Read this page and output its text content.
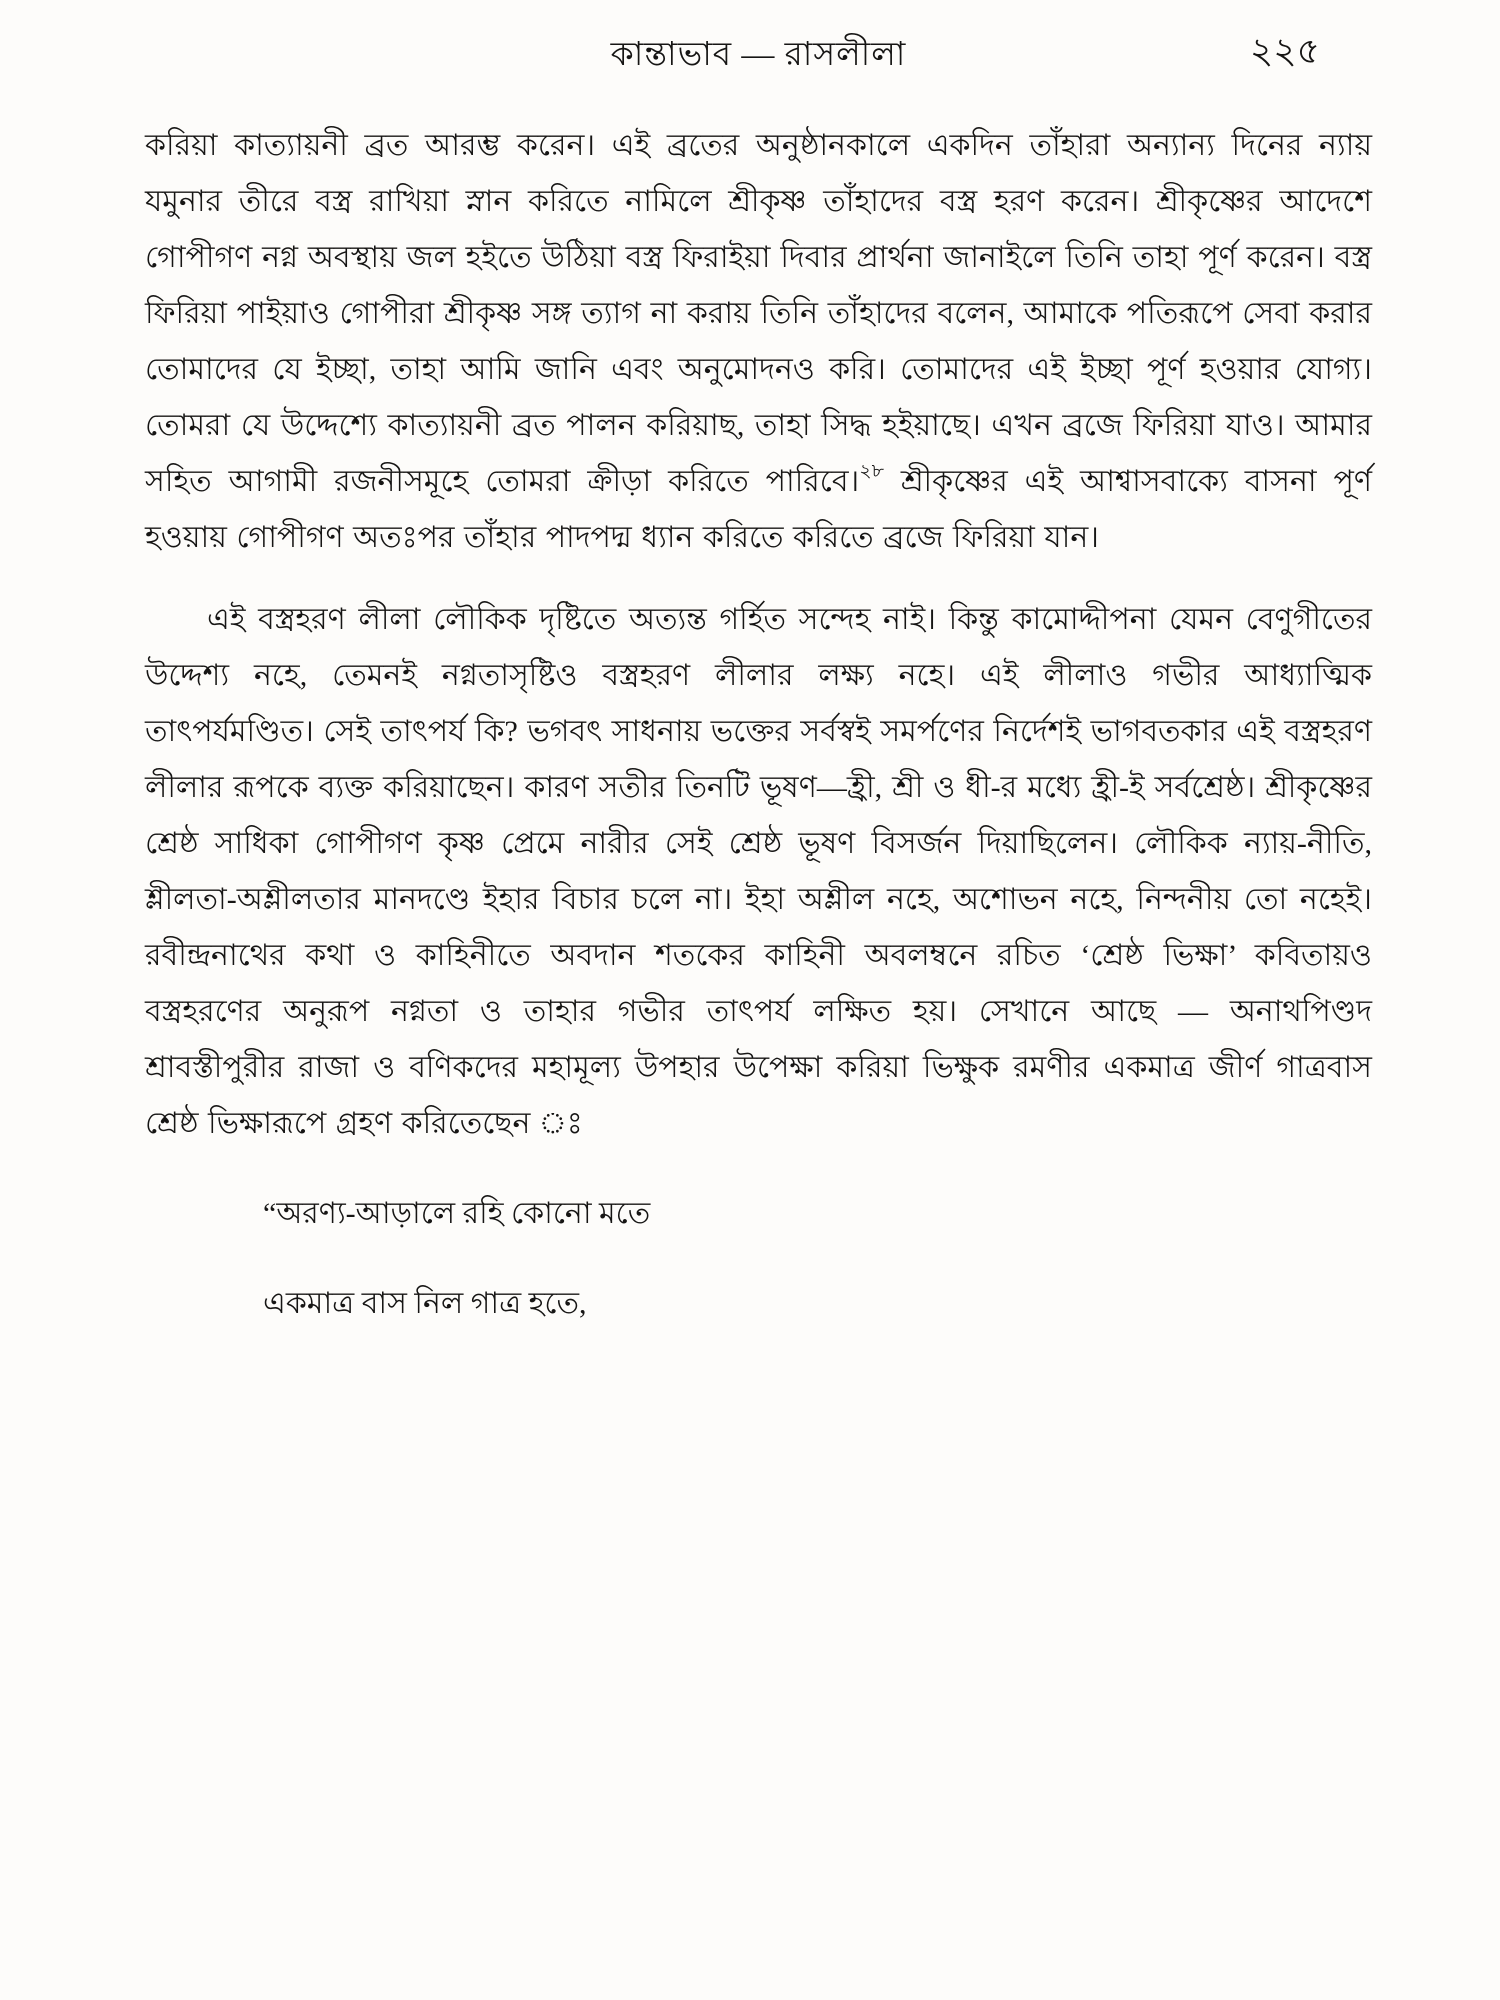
কান্তাভাব — রাসলীলা	২২৫

করিয়া কাত্যায়নী ব্রত আরম্ভ করেন। এই ব্রতের অনুষ্ঠানকালে একদিন তাঁহারা অন্যান্য দিনের ন্যায় যমুনার তীরে বস্ত্র রাখিয়া স্নান করিতে নামিলে শ্রীকৃষ্ণ তাঁহাদের বস্ত্র হরণ করেন। শ্রীকৃষ্ণের আদেশে গোপীগণ নগ্ন অবস্থায় জল হইতে উঠিয়া বস্ত্র ফিরাইয়া দিবার প্রার্থনা জানাইলে তিনি তাহা পূর্ণ করেন। বস্ত্র ফিরিয়া পাইয়াও গোপীরা শ্রীকৃষ্ণ সঙ্গ ত্যাগ না করায় তিনি তাঁহাদের বলেন, আমাকে পতিরূপে সেবা করার তোমাদের যে ইচ্ছা, তাহা আমি জানি এবং অনুমোদনও করি। তোমাদের এই ইচ্ছা পূর্ণ হওয়ার যোগ্য। তোমরা যে উদ্দেশ্যে কাত্যায়নী ব্রত পালন করিয়াছ, তাহা সিদ্ধ হইয়াছে। এখন ব্রজে ফিরিয়া যাও। আমার সহিত আগামী রজনীসমূহে তোমরা ক্রীড়া করিতে পারিবে।$^{২৮}$ শ্রীকৃষ্ণের এই আশ্বাসবাক্যে বাসনা পূর্ণ হওয়ায় গোপীগণ অতঃপর তাঁহার পাদপদ্ম ধ্যান করিতে করিতে ব্রজে ফিরিয়া যান।

এই বস্ত্রহরণ লীলা লৌকিক দৃষ্টিতে অত্যন্ত গর্হিত সন্দেহ নাই। কিন্তু কামোদ্দীপনা যেমন বেণুগীতের উদ্দেশ্য নহে, তেমনই নগ্নতাসৃষ্টিও বস্ত্রহরণ লীলার লক্ষ্য নহে। এই লীলাও গভীর আধ্যাত্মিক তাৎপর্যমণ্ডিত। সেই তাৎপর্য কি? ভগবৎ সাধনায় ভক্তের সর্বস্বই সমর্পণের নির্দেশই ভাগবতকার এই বস্ত্রহরণ লীলার রূপকে ব্যক্ত করিয়াছেন। কারণ সতীর তিনটি ভূষণ—হ্রী, শ্রী ও ধী-র মধ্যে হ্রী-ই সর্বশ্রেষ্ঠ। শ্রীকৃষ্ণের শ্রেষ্ঠ সাধিকা গোপীগণ কৃষ্ণ প্রেমে নারীর সেই শ্রেষ্ঠ ভূষণ বিসর্জন দিয়াছিলেন। লৌকিক ন্যায়-নীতি, শ্লীলতা-অশ্লীলতার মানদণ্ডে ইহার বিচার চলে না। ইহা অশ্লীল নহে, অশোভন নহে, নিন্দনীয় তো নহেই। রবীন্দ্রনাথের কথা ও কাহিনীতে অবদান শতকের কাহিনী অবলম্বনে রচিত ‘শ্রেষ্ঠ ভিক্ষা’ কবিতায়ও বস্ত্রহরণের অনুরূপ নগ্নতা ও তাহার গভীর তাৎপর্য লক্ষিত হয়। সেখানে আছে — অনাথপিণ্ডদ শ্রাবস্তীপুরীর রাজা ও বণিকদের মহামূল্য উপহার উপেক্ষা করিয়া ভিক্ষুক রমণীর একমাত্র জীর্ণ গাত্রবাস শ্রেষ্ঠ ভিক্ষারূপে গ্রহণ করিতেছেন ঃ

“অরণ্য-আড়ালে রহি কোনো মতে
একমাত্র বাস নিল গাত্র হতে,
